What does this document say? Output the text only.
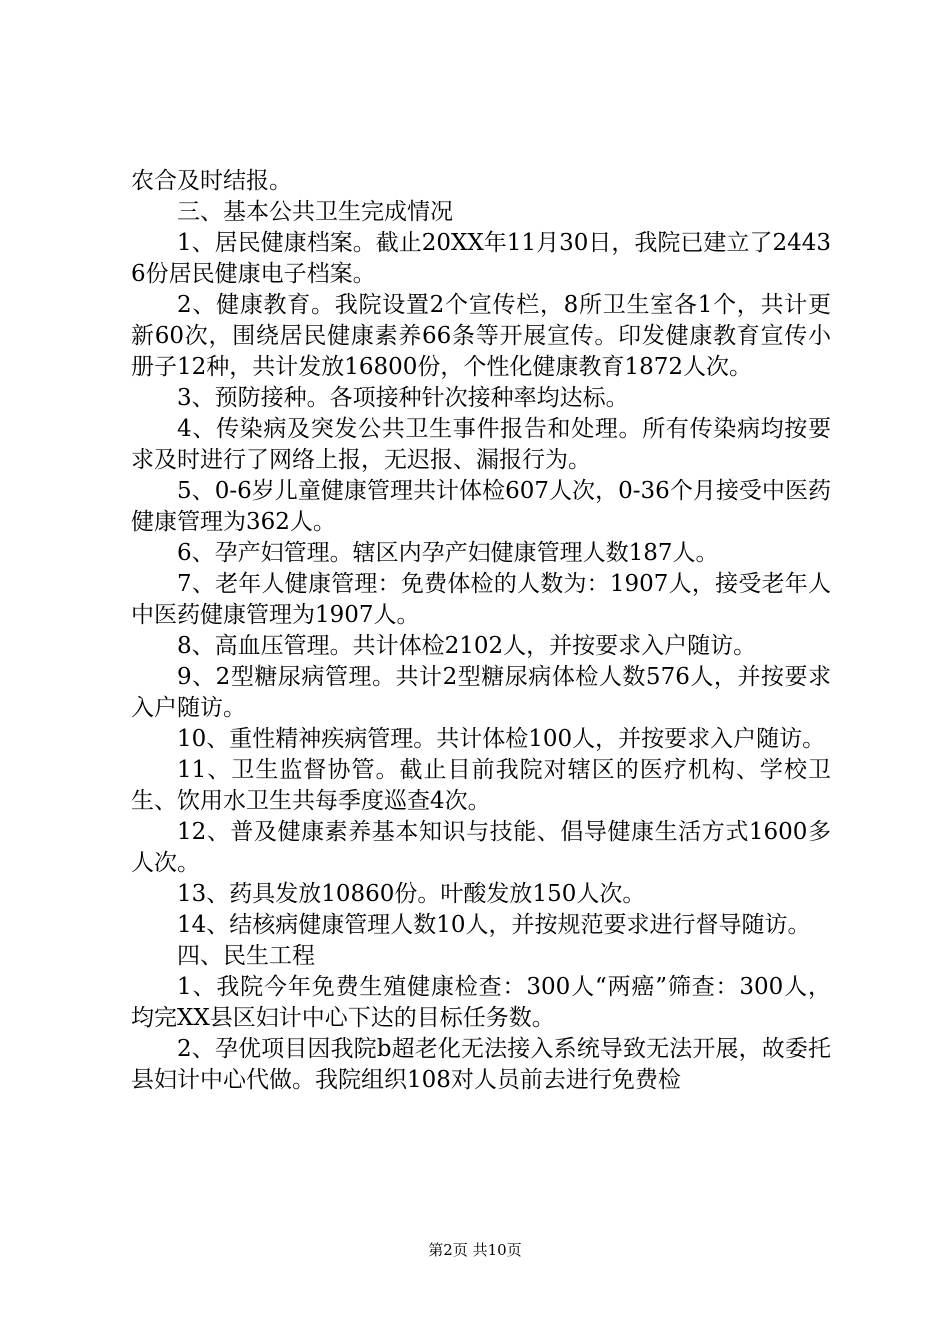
农合及时结报。

三、基本公共卫生完成情况

1、居民健康档案。截止20XX年11月30日，我院已建立了24436份居民健康电子档案。

2、健康教育。我院设置2个宣传栏，8所卫生室各1个，共计更新60次，围绕居民健康素养66条等开展宣传。印发健康教育宣传小册子12种，共计发放16800份，个性化健康教育1872人次。

3、预防接种。各项接种针次接种率均达标。

4、传染病及突发公共卫生事件报告和处理。所有传染病均按要求及时进行了网络上报，无迟报、漏报行为。

5、0-6岁儿童健康管理共计体检607人次，0-36个月接受中医药健康管理为362人。

6、孕产妇管理。辖区内孕产妇健康管理人数187人。

7、老年人健康管理：免费体检的人数为：1907人，接受老年人中医药健康管理为1907人。

8、高血压管理。共计体检2102人，并按要求入户随访。

9、2型糖尿病管理。共计2型糖尿病体检人数576人，并按要求入户随访。

10、重性精神疾病管理。共计体检100人，并按要求入户随访。

11、卫生监督协管。截止目前我院对辖区的医疗机构、学校卫生、饮用水卫生共每季度巡查4次。

12、普及健康素养基本知识与技能、倡导健康生活方式1600多人次。

13、药具发放10860份。叶酸发放150人次。

14、结核病健康管理人数10人，并按规范要求进行督导随访。

四、民生工程

1、我院今年免费生殖健康检查：300人“两癌”筛查：300人，均完XX县区妇计中心下达的目标任务数。

2、孕优项目因我院b超老化无法接入系统导致无法开展，故委托县妇计中心代做。我院组织108对人员前去进行免费检

第2页 共10页
